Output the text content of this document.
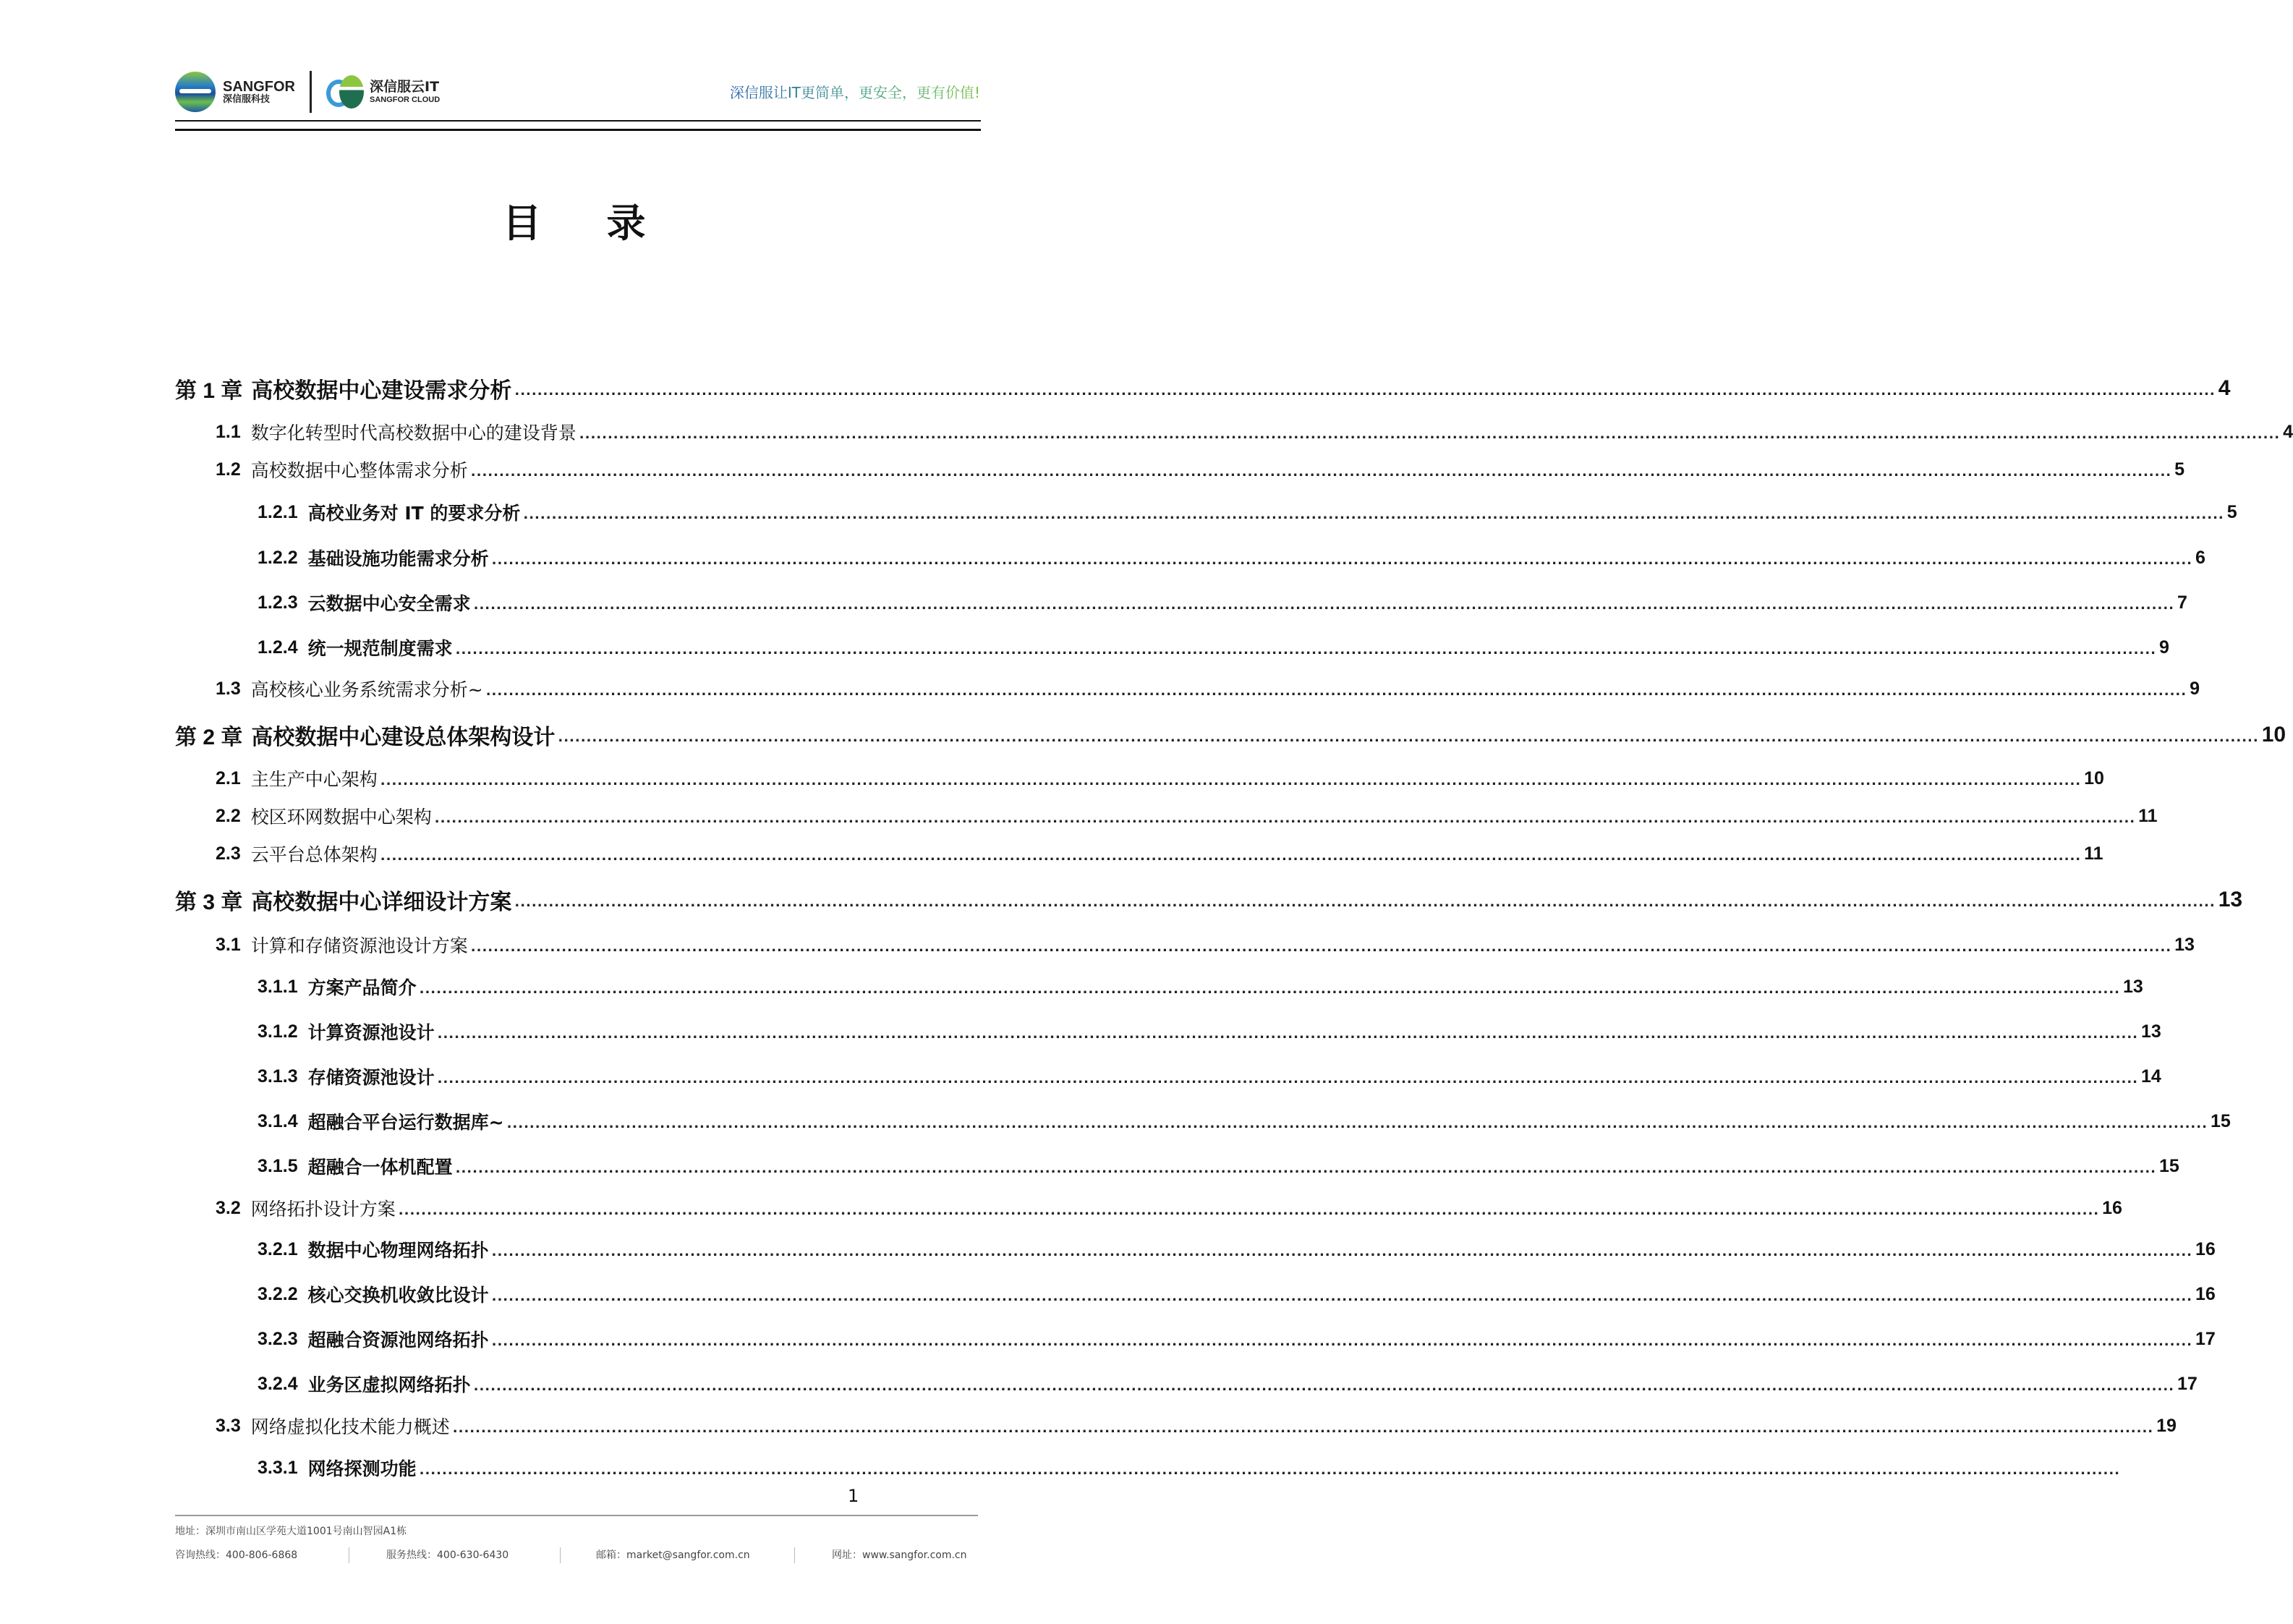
SANGFOR
深信服科技
深信服云IT
SANGFOR CLOUD	深信服让IT更简单，更安全，更有价值!
目录
第 1 章 高校数据中心建设需求分析 ............................................................................................................................................................................................................................................................................................................ 4
1.1 数字化转型时代高校数据中心的建设背景 ............................................................................................................................................................................................................................................................................................................ 4
1.2 高校数据中心整体需求分析 ............................................................................................................................................................................................................................................................................................................ 5
1.2.1 高校业务对 IT 的要求分析 ............................................................................................................................................................................................................................................................................................................ 5
1.2.2 基础设施功能需求分析 ............................................................................................................................................................................................................................................................................................................ 6
1.2.3 云数据中心安全需求 ............................................................................................................................................................................................................................................................................................................ 7
1.2.4 统一规范制度需求 ............................................................................................................................................................................................................................................................................................................ 9
1.3 高校核心业务系统需求分析~ ............................................................................................................................................................................................................................................................................................................ 9
第 2 章 高校数据中心建设总体架构设计 ............................................................................................................................................................................................................................................................................................................ 10
2.1 主生产中心架构 ............................................................................................................................................................................................................................................................................................................ 10
2.2 校区环网数据中心架构 ............................................................................................................................................................................................................................................................................................................ 11
2.3 云平台总体架构 ............................................................................................................................................................................................................................................................................................................ 11
第 3 章 高校数据中心详细设计方案 ............................................................................................................................................................................................................................................................................................................ 13
3.1 计算和存储资源池设计方案 ............................................................................................................................................................................................................................................................................................................ 13
3.1.1 方案产品简介 ............................................................................................................................................................................................................................................................................................................ 13
3.1.2 计算资源池设计 ............................................................................................................................................................................................................................................................................................................ 13
3.1.3 存储资源池设计 ............................................................................................................................................................................................................................................................................................................ 14
3.1.4 超融合平台运行数据库~ ............................................................................................................................................................................................................................................................................................................ 15
3.1.5 超融合一体机配置 ............................................................................................................................................................................................................................................................................................................ 15
3.2 网络拓扑设计方案 ............................................................................................................................................................................................................................................................................................................ 16
3.2.1 数据中心物理网络拓扑 ............................................................................................................................................................................................................................................................................................................ 16
3.2.2 核心交换机收敛比设计 ............................................................................................................................................................................................................................................................................................................ 16
3.2.3 超融合资源池网络拓扑 ............................................................................................................................................................................................................................................................................................................ 17
3.2.4 业务区虚拟网络拓扑 ............................................................................................................................................................................................................................................................................................................ 17
3.3 网络虚拟化技术能力概述 ............................................................................................................................................................................................................................................................................................................ 19
3.3.1 网络探测功能 ............................................................................................................................................................................................................................................................................................................
1
地址：深圳市南山区学苑大道1001号南山智园A1栋
咨询热线：400-806-6868	服务热线：400-630-6430	邮箱：market@sangfor.com.cn	网址：www.sangfor.com.cn
